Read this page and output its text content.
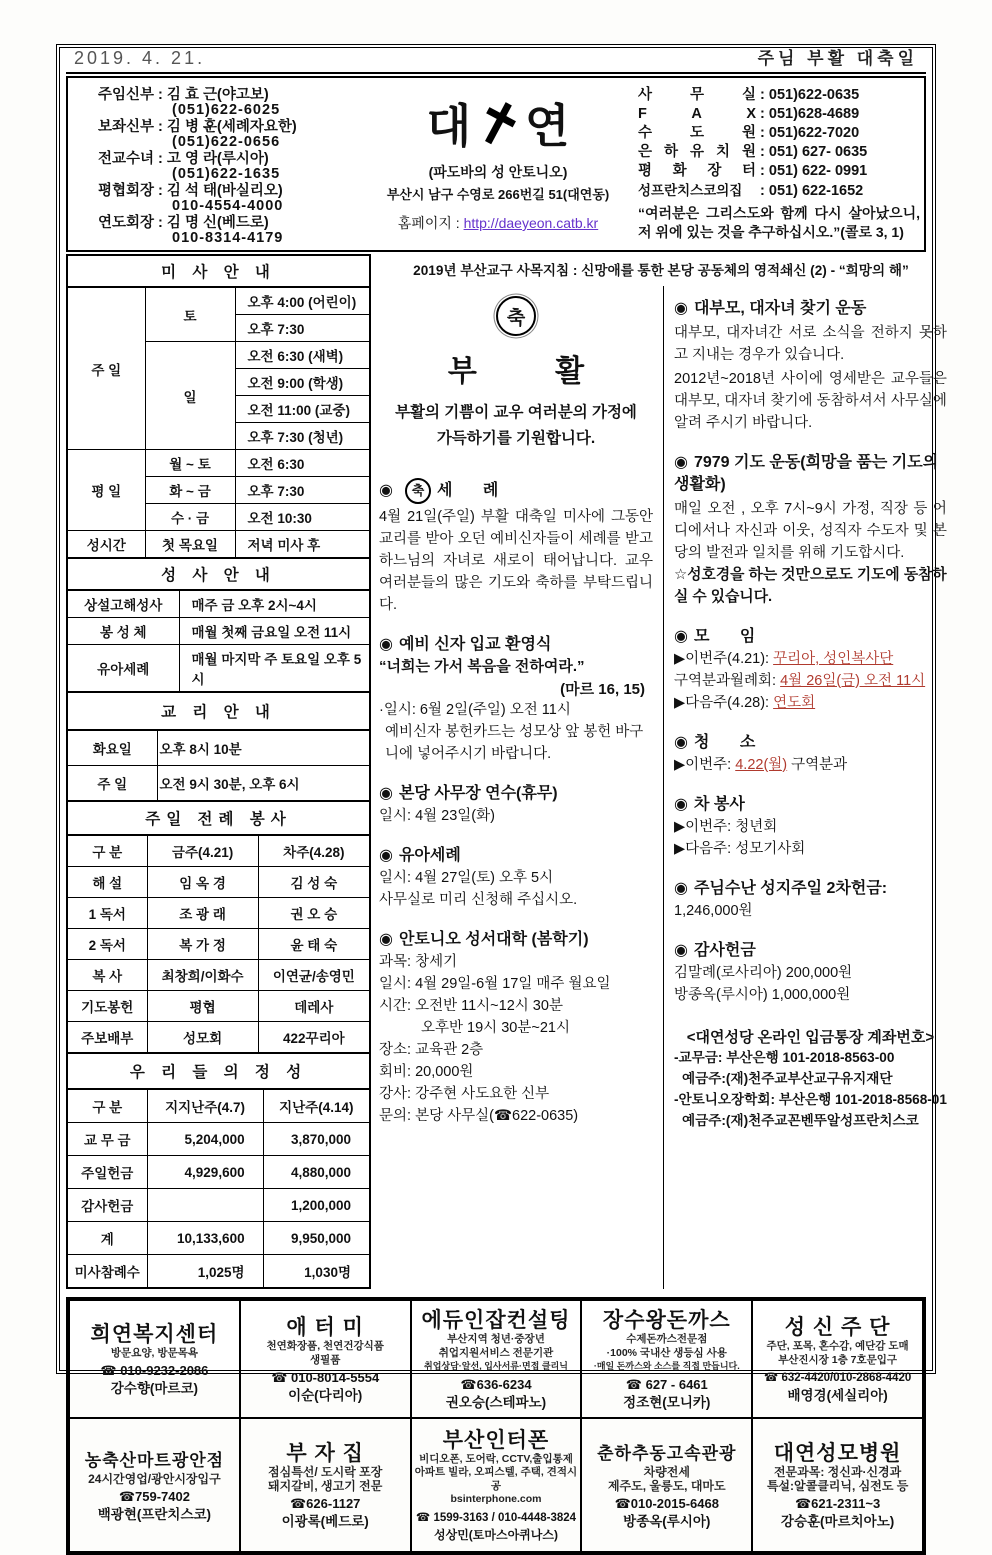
2019. 4. 21.	주님 부활 대축일
주임신부 : 김 효 근(야고보)
(051)622-6025
보좌신부 : 김 병 훈(세례자요한)
(051)622-0656
전교수녀 : 고 영 라(루시아)
(051)622-1635
평협회장 : 김 석 태(바실리오)
010-4554-4000
연도회장 : 김 명 신(베드로)
010-8314-4179
대 연
(파도바의 성 안토니오)
부산시 남구 수영로 266번길 51(대연동)
홈페이지 : http://daeyeon.catb.kr
사 무 실 : 051)622-0635
F A X : 051)628-4689
수 도 원 : 051)622-7020
은 하 유 치 원 : 051) 627- 0635
평 화 장 터 : 051) 622- 0991
성프란치스코의집 : 051) 622-1652
“여러분은 그리스도와 함께 다시 살아났으니, 저 위에 있는 것을 추구하십시오.”(콜로 3, 1)
미 사 안 내		
주 일	토	오후 4:00 (어린이)
		오후 7:30
	일	오전 6:30 (새벽)
		오전 9:00 (학생)
		오전 11:00 (교중)
		오후 7:30 (청년)
평 일	월 ~ 토	오전 6:30
	화 ~ 금	오후 7:30
	수 · 금	오전 10:30
성시간	첫 목요일	저녁 미사 후
성 사 안 내	
상설고해성사	매주 금 오후 2시~4시
봉 성 체	매월 첫째 금요일 오전 11시
유아세례	매월 마지막 주 토요일 오후 5시
교 리 안 내	
화요일	오후 8시 10분
주 일	오전 9시 30분, 오후 6시
주일 전례 봉사		
구 분	금주(4.21)	차주(4.28)
해 설	임 옥 경	김 성 숙
1 독서	조 광 래	권 오 승
2 독서	복 가 정	윤 태 숙
복 사	최창희/이화수	이연균/송영민
기도봉헌	평협	데레사
주보배부	성모회	422꾸리아
우 리 들 의 정 성		
구 분	지지난주(4.7)	지난주(4.14)
교 무 금	5,204,000	3,870,000
주일헌금	4,929,600	4,880,000
감사헌금		1,200,000
계	10,133,600	9,950,000
미사참례수	1,025명	1,030명
2019년 부산교구 사목지침 : 신망애를 통한 본당 공동체의 영적쇄신 (2) - “희망의 해”
축
부 활
부활의 기쁨이 교우 여러분의 가정에
가득하기를 기원합니다.
◉ 축 세 례
4월 21일(주일) 부활 대축일 미사에 그동안 교리를 받아 오던 예비신자들이 세례를 받고 하느님의 자녀로 새로이 태어납니다. 교우 여러분들의 많은 기도와 축하를 부탁드립니다.
◉ 예비 신자 입교 환영식
“너희는 가서 복음을 전하여라.”
(마르 16, 15)
·일시: 6월 2일(주일) 오전 11시
예비신자 봉헌카드는 성모상 앞 봉헌 바구니에 넣어주시기 바랍니다.
◉ 본당 사무장 연수(휴무)
일시: 4월 23일(화)
◉ 유아세례
일시: 4월 27일(토) 오후 5시
사무실로 미리 신청해 주십시오.
◉ 안토니오 성서대학 (봄학기)
과목: 창세기
일시: 4월 29일-6월 17일 매주 월요일
시간: 오전반 11시~12시 30분
오후반 19시 30분~21시
장소: 교육관 2층
회비: 20,000원
강사: 강주현 사도요한 신부
문의: 본당 사무실(☎622-0635)
◉ 대부모, 대자녀 찾기 운동
대부모, 대자녀간 서로 소식을 전하지 못하고 지내는 경우가 있습니다.
2012년~2018년 사이에 영세받은 교우들은 대부모, 대자녀 찾기에 동참하셔서 사무실에 알려 주시기 바랍니다.
◉ 7979 기도 운동(희망을 품는 기도의 생활화)
매일 오전 , 오후 7시~9시 가정, 직장 등 어디에서나 자신과 이웃, 성직자 수도자 및 본당의 발전과 일치를 위해 기도합시다.
☆성호경을 하는 것만으로도 기도에 동참하실 수 있습니다.
◉ 모 임
▶이번주(4.21): 꾸리아, 성인복사단
구역분과월례회: 4월 26일(금) 오전 11시
▶다음주(4.28): 연도회
◉ 청 소
▶이번주: 4.22(월) 구역분과
◉ 차 봉사
▶이번주: 청년회
▶다음주: 성모기사회
◉ 주님수난 성지주일 2차헌금:
1,246,000원
◉ 감사헌금
김말례(로사리아) 200,000원
방종옥(루시아) 1,000,000원
<대연성당 온라인 입금통장 계좌번호>
-교무금: 부산은행 101-2018-8563-00
예금주:(재)천주교부산교구유지재단
-안토니오장학회: 부산은행 101-2018-8568-01
예금주:(재)천주교꼰벤뚜알성프란치스코
희연복지센터
방문요양, 방문목욕
☎ 010-9232-2086
강수향(마르코)
애 터 미
천연화장품, 천연건강식품
생필품
☎ 010-8014-5554
이순(다리아)
에듀인잡컨설팅
부산지역 청년·중장년
취업지원서비스 전문기관
취업상담·알선, 입사서류·면접 클리닉
☎636-6234
권오승(스테파노)
장수왕돈까스
수제돈까스전문점
·100% 국내산 생등심 사용
·매일 돈까스와 소스를 직접 만듭니다.
☎ 627 - 6461
정조현(모니카)
성 신 주 단
주단, 포목, 혼수감, 예단감 도매
부산진시장 1층 7호문입구
☎ 632-4420/010-2868-4420
배영경(세실리아)
농축산마트광안점
24시간영업/광안시장입구
☎759-7402
백광현(프란치스코)
부 자 집
점심특선/ 도시락 포장
돼지갈비, 생고기 전문
☎626-1127
이광록(베드로)
부산인터폰
비디오폰, 도어락, CCTV,출입통제
아파트 빌라, 오피스텔, 주택, 견적시공
bsinterphone.com
☎ 1599-3163 / 010-4448-3824
성상민(토마스아퀴나스)
춘하추동고속관광
차량전세
제주도, 울릉도, 대마도
☎010-2015-6468
방종옥(루시아)
대연성모병원
전문과목: 정신과·신경과
특설:알콜클리닉, 심전도 등
☎621-2311~3
강승훈(마르치아노)
